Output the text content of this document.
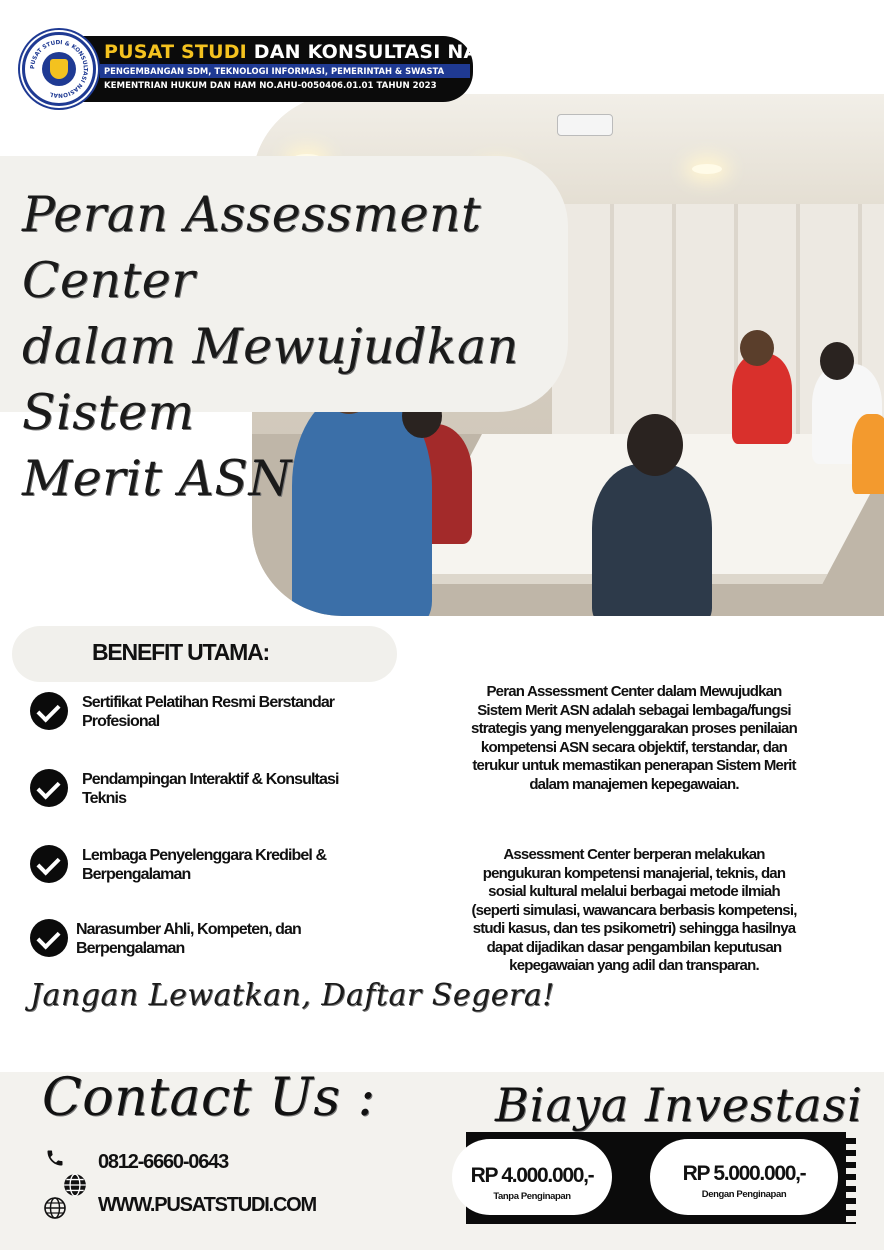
PUSAT STUDI & KONSULTASI NASIONAL
PUSAT STUDI DAN KONSULTASI NASIONAL
PENGEMBANGAN SDM, TEKNOLOGI INFORMASI, PEMERINTAH & SWASTA
KEMENTRIAN HUKUM DAN HAM NO.AHU-0050406.01.01 TAHUN 2023
Peran Assessment Center
dalam Mewujudkan Sistem
Merit ASN
BENEFIT UTAMA:
Sertifikat Pelatihan Resmi Berstandar
Profesional
Pendampingan Interaktif & Konsultasi
Teknis
Lembaga Penyelenggara Kredibel &
Berpengalaman
Narasumber Ahli, Kompeten, dan
Berpengalaman
Jangan Lewatkan, Daftar Segera!
Peran Assessment Center dalam Mewujudkan
Sistem Merit ASN adalah sebagai lembaga/fungsi
strategis yang menyelenggarakan proses penilaian
kompetensi ASN secara objektif, terstandar, dan
terukur untuk memastikan penerapan Sistem Merit
dalam manajemen kepegawaian.
Assessment Center berperan melakukan
pengukuran kompetensi manajerial, teknis, dan
sosial kultural melalui berbagai metode ilmiah
(seperti simulasi, wawancara berbasis kompetensi,
studi kasus, dan tes psikometri) sehingga hasilnya
dapat dijadikan dasar pengambilan keputusan
kepegawaian yang adil dan transparan.
Contact Us :
0812-6660-0643
WWW.PUSATSTUDI.COM
Biaya Investasi
RP 4.000.000,-
Tanpa Penginapan
RP 5.000.000,-
Dengan Penginapan
